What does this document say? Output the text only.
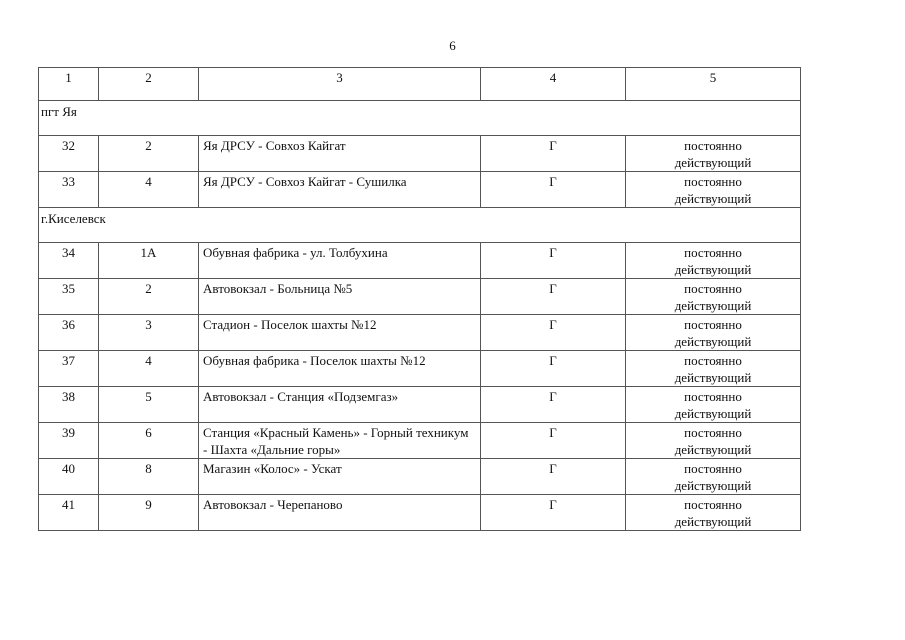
6
1	2	3	4	5
пгт Яя				
32	2	Яя ДРСУ - Совхоз Кайгат	Г	постоянно
действующий

33	4	Яя ДРСУ - Совхоз Кайгат - Сушилка	Г	постоянно
действующий

г.Киселевск				
34	1А	Обувная фабрика - ул. Толбухина	Г	постоянно
действующий

35	2	Автовокзал - Больница №5	Г	постоянно
действующий

36	3	Стадион - Поселок шахты №12	Г	постоянно
действующий

37	4	Обувная фабрика - Поселок шахты №12	Г	постоянно
действующий

38	5	Автовокзал - Станция «Подземгаз»	Г	постоянно
действующий

39	6	Станция «Красный Камень» - Горный техникум - Шахта «Дальние горы»	Г	постоянно
действующий

40	8	Магазин «Колос» - Ускат	Г	постоянно
действующий

41	9	Автовокзал - Черепаново	Г	постоянно
действующий
